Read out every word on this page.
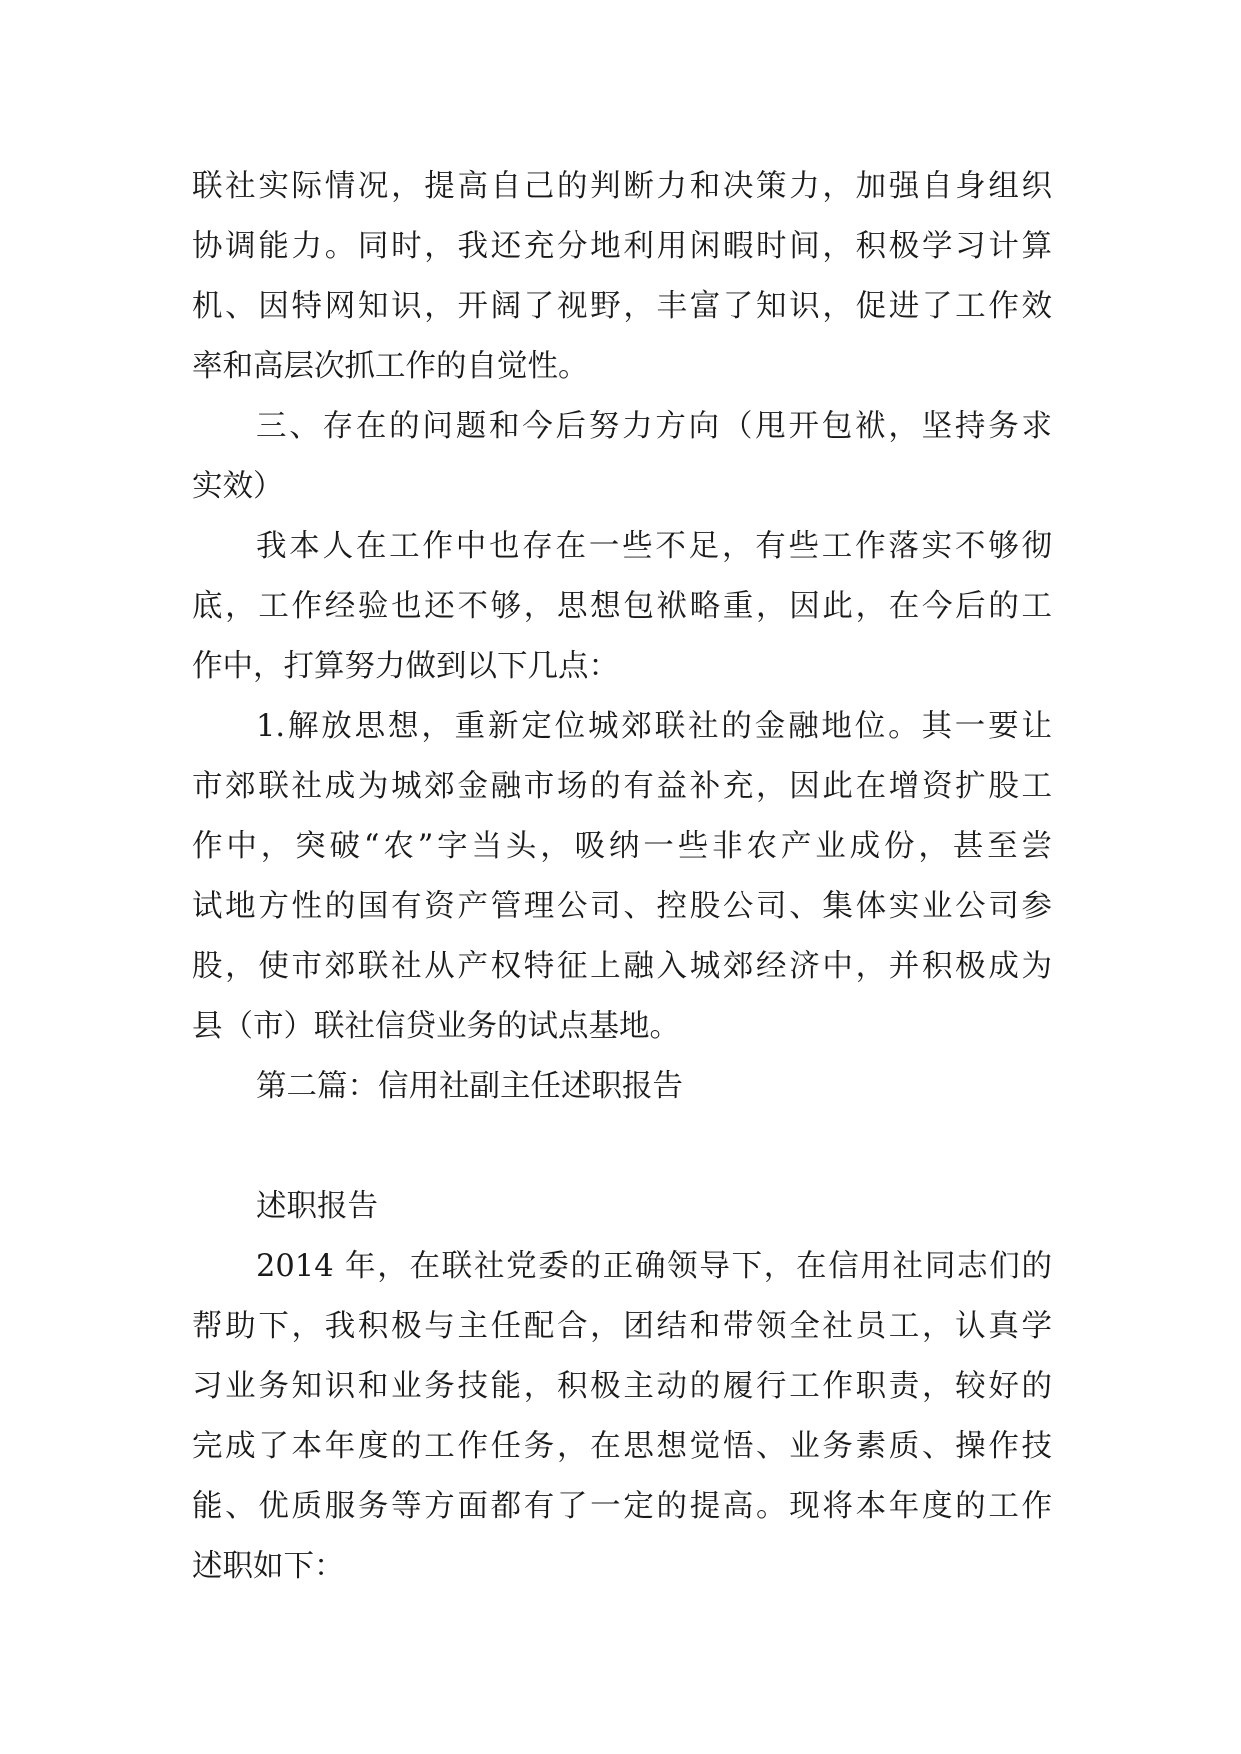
联社实际情况，提高自己的判断力和决策力，加强自身组织
协调能力。同时，我还充分地利用闲暇时间，积极学习计算
机、因特网知识，开阔了视野，丰富了知识，促进了工作效
率和高层次抓工作的自觉性。
三、存在的问题和今后努力方向（甩开包袱，坚持务求
实效）
我本人在工作中也存在一些不足，有些工作落实不够彻
底，工作经验也还不够，思想包袱略重，因此，在今后的工
作中，打算努力做到以下几点：
1.解放思想，重新定位城郊联社的金融地位。其一要让
市郊联社成为城郊金融市场的有益补充，因此在增资扩股工
作中，突破“农”字当头，吸纳一些非农产业成份，甚至尝
试地方性的国有资产管理公司、控股公司、集体实业公司参
股，使市郊联社从产权特征上融入城郊经济中，并积极成为
县（市）联社信贷业务的试点基地。
第二篇：信用社副主任述职报告
述职报告
2014 年，在联社党委的正确领导下，在信用社同志们的
帮助下，我积极与主任配合，团结和带领全社员工，认真学
习业务知识和业务技能，积极主动的履行工作职责，较好的
完成了本年度的工作任务，在思想觉悟、业务素质、操作技
能、优质服务等方面都有了一定的提高。现将本年度的工作
述职如下：
